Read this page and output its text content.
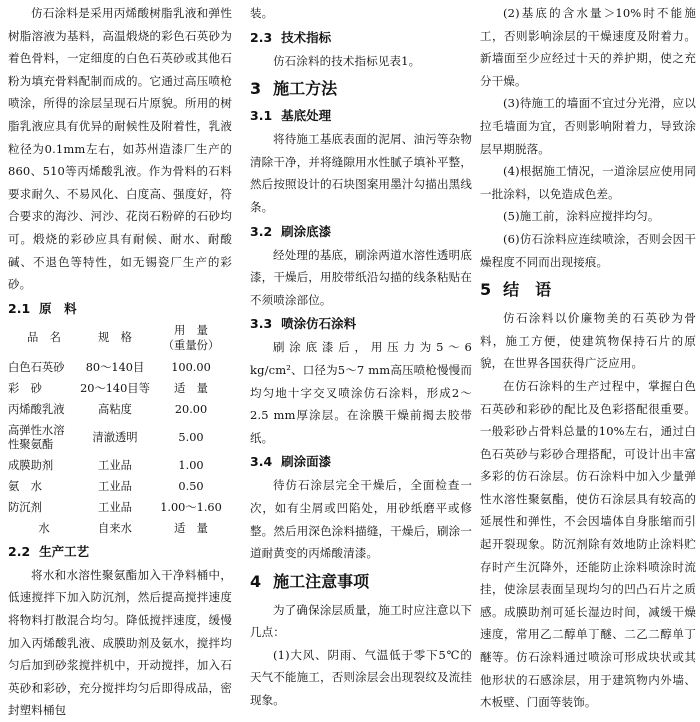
仿石涂料是采用丙烯酸树脂乳液和弹性树脂溶液为基料，高温煅烧的彩色石英砂为着色骨料，一定细度的白色石英砂或其他石粉为填充骨料配制而成的。它通过高压喷枪喷涂，所得的涂层呈现石片原貌。所用的树脂乳液应具有优异的耐候性及附着性，乳液粒径为0.1mm左右，如苏州造漆厂生产的860、510等丙烯酸乳液。作为骨料的石料要求耐久、不易风化、白度高、强度好，符合要求的海沙、河沙、花岗石粉碎的石砂均可。煅烧的彩砂应具有耐候、耐水、耐酸碱、不退色等特性，如无锡瓷厂生产的彩砂。

2.1 原　料
品　名	规　格	用　量
（重量份）
白色石英砂	80～140目	100.00
彩　砂	20～140目等	适　量
丙烯酸乳液	高粘度	20.00
高弹性水溶
性聚氨酯	清澈透明	5.00
成膜助剂	工业品	1.00
氨　水	工业品	0.50
防沉剂	工业品	1.00～1.60
水	自来水	适　量
2.2 生产工艺

将水和水溶性聚氨酯加入干净料桶中，低速搅拌下加入防沉剂，然后提高搅拌速度将物料打散混合均匀。降低搅拌速度，缓慢加入丙烯酸乳液、成膜助剂及氨水，搅拌均匀后加到砂浆搅拌机中，开动搅拌，加入石英砂和彩砂，充分搅拌均匀后即得成品，密封塑料桶包

装。

2.3 技术指标

仿石涂料的技术指标见表1。

3 施工方法
3.1 基底处理

将待施工基底表面的泥屑、油污等杂物清除干净，并将缝隙用水性腻子填补平整，然后按照设计的石块图案用墨汁勾描出黑线条。

3.2 刷涂底漆

经处理的基底，刷涂两道水溶性透明底漆，干燥后，用胶带纸沿勾描的线条粘贴在不须喷涂部位。

3.3 喷涂仿石涂料

刷涂底漆后，用压力为5～6 kg/cm²、口径为5～7 mm高压喷枪慢慢而均匀地十字交叉喷涂仿石涂料，形成2～2.5 mm厚涂层。在涂膜干燥前揭去胶带纸。

3.4 刷涂面漆

待仿石涂层完全干燥后，全面检查一次，如有尘屑或凹陷处，用砂纸磨平或修整。然后用深色涂料描缝，干燥后，刷涂一道耐黄变的丙烯酸清漆。

4 施工注意事项

为了确保涂层质量，施工时应注意以下几点：

(1)大风、阴雨、气温低于零下5℃的天气不能施工，否则涂层会出现裂纹及流挂现象。

(2)基底的含水量＞10%时不能施工，否则影响涂层的干燥速度及附着力。新墙面至少应经过十天的养护期，使之充分干燥。

(3)待施工的墙面不宜过分光滑，应以拉毛墙面为宜，否则影响附着力，导致涂层早期脱落。

(4)根据施工情况，一道涂层应使用同一批涂料，以免造成色差。

(5)施工前，涂料应搅拌均匀。

(6)仿石涂料应连续喷涂，否则会因干燥程度不同而出现接痕。

5 结　语

仿石涂料以价廉物美的石英砂为骨料，施工方便，使建筑物保持石片的原貌，在世界各国获得广泛应用。

在仿石涂料的生产过程中，掌握白色石英砂和彩砂的配比及色彩搭配很重要。一般彩砂占骨料总量的10%左右，通过白色石英砂与彩砂合理搭配，可设计出丰富多彩的仿石涂层。仿石涂料中加入少量弹性水溶性聚氨酯，使仿石涂层具有较高的延展性和弹性，不会因墙体自身胀缩而引起开裂现象。防沉剂除有效地防止涂料贮存时产生沉降外，还能防止涂料喷涂时流挂，使涂层表面呈现均匀的凹凸石片之质感。成膜助剂可延长湿边时间，减缓干燥速度，常用乙二醇单丁醚、二乙二醇单丁醚等。仿石涂料通过喷涂可形成块状或其他形状的石感涂层，用于建筑物内外墙、木板壁、门面等装饰。
